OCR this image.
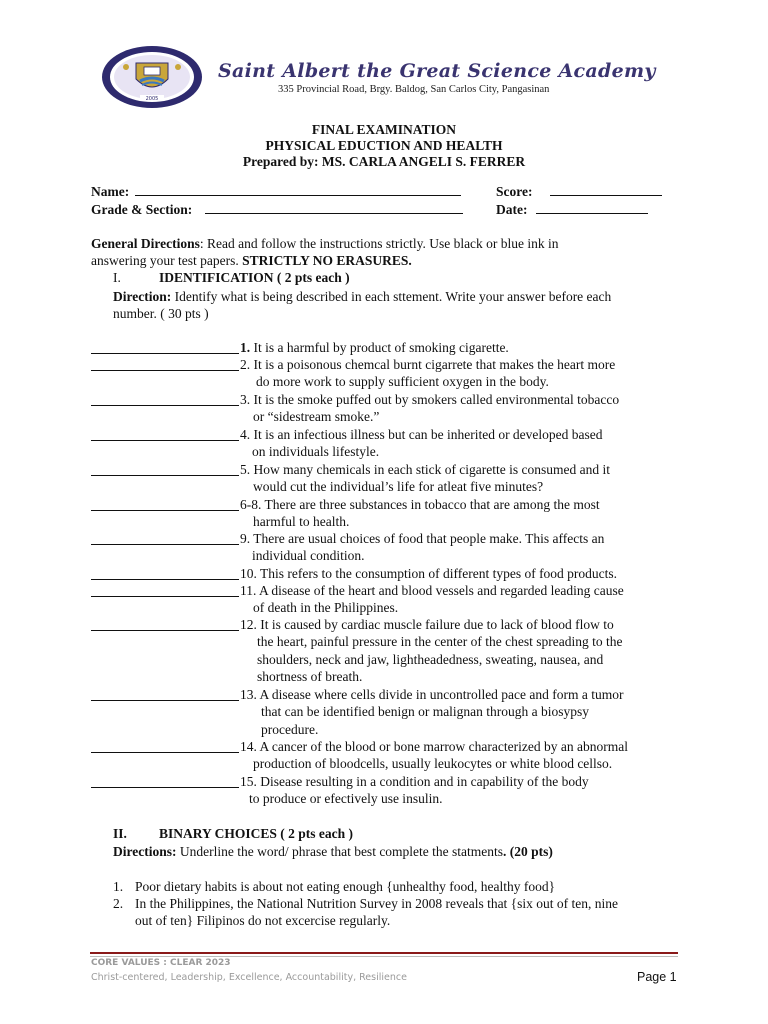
2005
Saint Albert the Great Science Academy
335 Provincial Road, Brgy. Baldog, San Carlos City, Pangasinan
FINAL EXAMINATION
PHYSICAL EDUCTION AND HEALTH
Prepared by: MS. CARLA ANGELI S. FERRER
Name:	Score:
Grade & Section:	Date:
General Directions: Read and follow the instructions strictly. Use black or blue ink in
answering your test papers. STRICTLY NO ERASURES.
I.	IDENTIFICATION ( 2 pts each )
Direction: Identify what is being described in each sttement. Write your answer before each
number. ( 30 pts )
1. It is a harmful by product of smoking cigarette.
2. It is a poisonous chemcal burnt cigarrete that makes the heart more
do more work to supply sufficient oxygen in the body.
3. It is the smoke puffed out by smokers called environmental tobacco
or “sidestream smoke.”
4. It is an infectious illness but can be inherited or developed based
on individuals lifestyle.
5. How many chemicals in each stick of cigarette is consumed and it
would cut the individual’s life for atleat five minutes?
6-8. There are three substances in tobacco that are among the most
harmful to health.
9. There are usual choices of food that people make. This affects an
individual condition.
10. This refers to the consumption of different types of food products.
11. A disease of the heart and blood vessels and regarded leading cause
of death in the Philippines.
12. It is caused by cardiac muscle failure due to lack of blood flow to
the heart, painful pressure in the center of the chest spreading to the
shoulders, neck and jaw, lightheadedness, sweating, nausea, and
shortness of breath.
13. A disease where cells divide in uncontrolled pace and form a tumor
that can be identified benign or malignan through a biosypsy
procedure.
14. A cancer of the blood or bone marrow characterized by an abnormal
production of bloodcells, usually leukocytes or white blood cellso.
15. Disease resulting in a condition and in capability of the body
to produce or efectively use insulin.
II. BINARY CHOICES ( 2 pts each )
Directions: Underline the word/ phrase that best complete the statments. (20 pts)
1. Poor dietary habits is about not eating enough {unhealthy food, healthy food}
2. In the Philippines, the National Nutrition Survey in 2008 reveals that {six out of ten, nine
out of ten} Filipinos do not excercise regularly.
CORE VALUES : CLEAR 2023
Christ-centered, Leadership, Excellence, Accountability, Resilience	Page 1
